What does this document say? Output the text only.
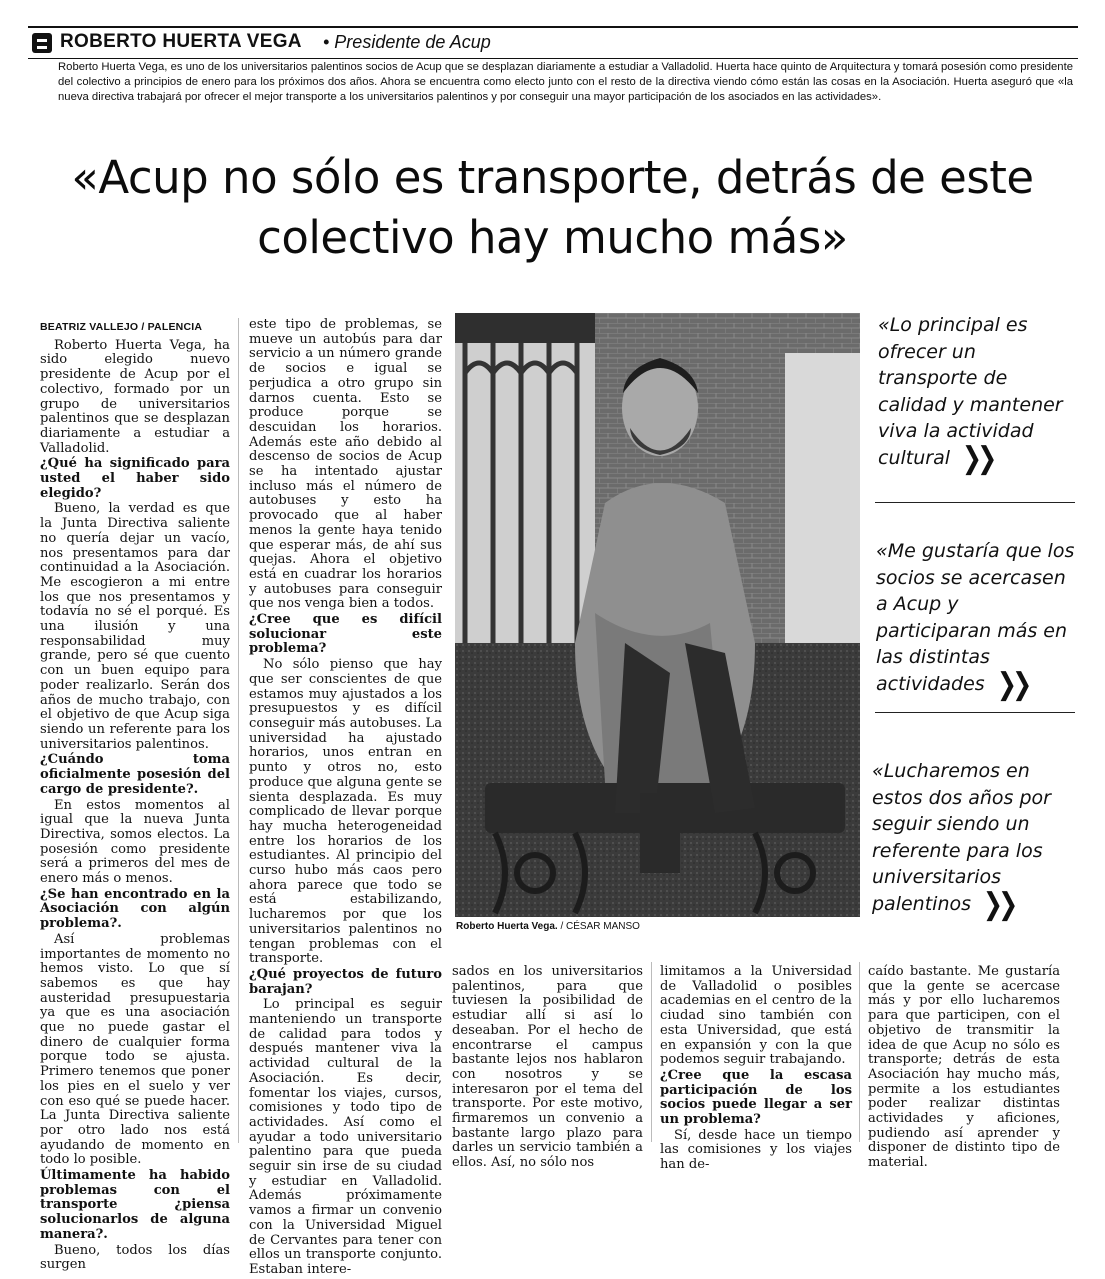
ROBERTO HUERTA VEGA • Presidente de Acup
Roberto Huerta Vega, es uno de los universitarios palentinos socios de Acup que se desplazan diariamente a estudiar a Valladolid. Huerta hace quinto de Arquitectura y tomará posesión como presidente del colectivo a principios de enero para los próximos dos años. Ahora se encuentra como electo junto con el resto de la directiva viendo cómo están las cosas en la Asociación. Huerta aseguró que «la nueva directiva trabajará por ofrecer el mejor transporte a los universitarios palentinos y por conseguir una mayor participación de los asociados en las actividades».
«Acup no sólo es transporte, detrás de este colectivo hay mucho más»

BEATRIZ VALLEJO / PALENCIA

Roberto Huerta Vega, ha sido elegido nuevo presidente de Acup por el colectivo, formado por un grupo de universitarios palentinos que se desplazan diariamente a estudiar a Valladolid.

¿Qué ha significado para usted el haber sido elegido?

Bueno, la verdad es que la Junta Directiva saliente no quería dejar un vacío, nos presentamos para dar continuidad a la Asociación. Me escogieron a mi entre los que nos presentamos y todavía no sé el porqué. Es una ilusión y una responsabilidad muy grande, pero sé que cuento con un buen equipo para poder realizarlo. Serán dos años de mucho trabajo, con el objetivo de que Acup siga siendo un referente para los universitarios palentinos.

¿Cuándo toma oficialmente posesión del cargo de presidente?.

En estos momentos al igual que la nueva Junta Directiva, somos electos. La posesión como presidente será a primeros del mes de enero más o menos.

¿Se han encontrado en la Asociación con algún problema?.

Así problemas importantes de momento no hemos visto. Lo que sí sabemos es que hay austeridad presupuestaria ya que es una asociación que no puede gastar el dinero de cualquier forma porque todo se ajusta. Primero tenemos que poner los pies en el suelo y ver con eso qué se puede hacer. La Junta Directiva saliente por otro lado nos está ayudando de momento en todo lo posible.

Últimamente ha habido problemas con el transporte ¿piensa solucionarlos de alguna manera?.

Bueno, todos los días surgen

este tipo de problemas, se mueve un autobús para dar servicio a un número grande de socios e igual se perjudica a otro grupo sin darnos cuenta. Esto se produce porque se descuidan los horarios. Además este año debido al descenso de socios de Acup se ha intentado ajustar incluso más el número de autobuses y esto ha provocado que al haber menos la gente haya tenido que esperar más, de ahí sus quejas. Ahora el objetivo está en cuadrar los horarios y autobuses para conseguir que nos venga bien a todos.

¿Cree que es difícil solucionar este problema?

No sólo pienso que hay que ser conscientes de que estamos muy ajustados a los presupuestos y es difícil conseguir más autobuses. La universidad ha ajustado horarios, unos entran en punto y otros no, esto produce que alguna gente se sienta desplazada. Es muy complicado de llevar porque hay mucha heterogeneidad entre los horarios de los estudiantes. Al principio del curso hubo más caos pero ahora parece que todo se está estabilizando, lucharemos por que los universitarios palentinos no tengan problemas con el transporte.

¿Qué proyectos de futuro barajan?

Lo principal es seguir manteniendo un transporte de calidad para todos y después mantener viva la actividad cultural de la Asociación. Es decir, fomentar los viajes, cursos, comisiones y todo tipo de actividades. Así como el ayudar a todo universitario palentino para que pueda seguir sin irse de su ciudad y estudiar en Valladolid. Además próximamente vamos a firmar un convenio con la Universidad Miguel de Cervantes para tener con ellos un transporte conjunto. Estaban intere-

Roberto Huerta Vega. / CÉSAR MANSO
«Lo principal es ofrecer un transporte de calidad y mantener viva la actividad cultural ❯❯
«Me gustaría que los socios se acercasen a Acup y participaran más en las distintas actividades ❯❯
«Lucharemos en estos dos años por seguir siendo un referente para los universitarios palentinos ❯❯

sados en los universitarios palentinos, para que tuviesen la posibilidad de estudiar allí si así lo deseaban. Por el hecho de encontrarse el campus bastante lejos nos hablaron con nosotros y se interesaron por el tema del transporte. Por este motivo, firmaremos un convenio a bastante largo plazo para darles un servicio también a ellos. Así, no sólo nos

limitamos a la Universidad de Valladolid o posibles academias en el centro de la ciudad sino también con esta Universidad, que está en expansión y con la que podemos seguir trabajando.

¿Cree que la escasa participación de los socios puede llegar a ser un problema?

Sí, desde hace un tiempo las comisiones y los viajes han de-

caído bastante. Me gustaría que la gente se acercase más y por ello lucharemos para que participen, con el objetivo de transmitir la idea de que Acup no sólo es transporte; detrás de esta Asociación hay mucho más, permite a los estudiantes poder realizar distintas actividades y aficiones, pudiendo así aprender y disponer de distinto tipo de material.
